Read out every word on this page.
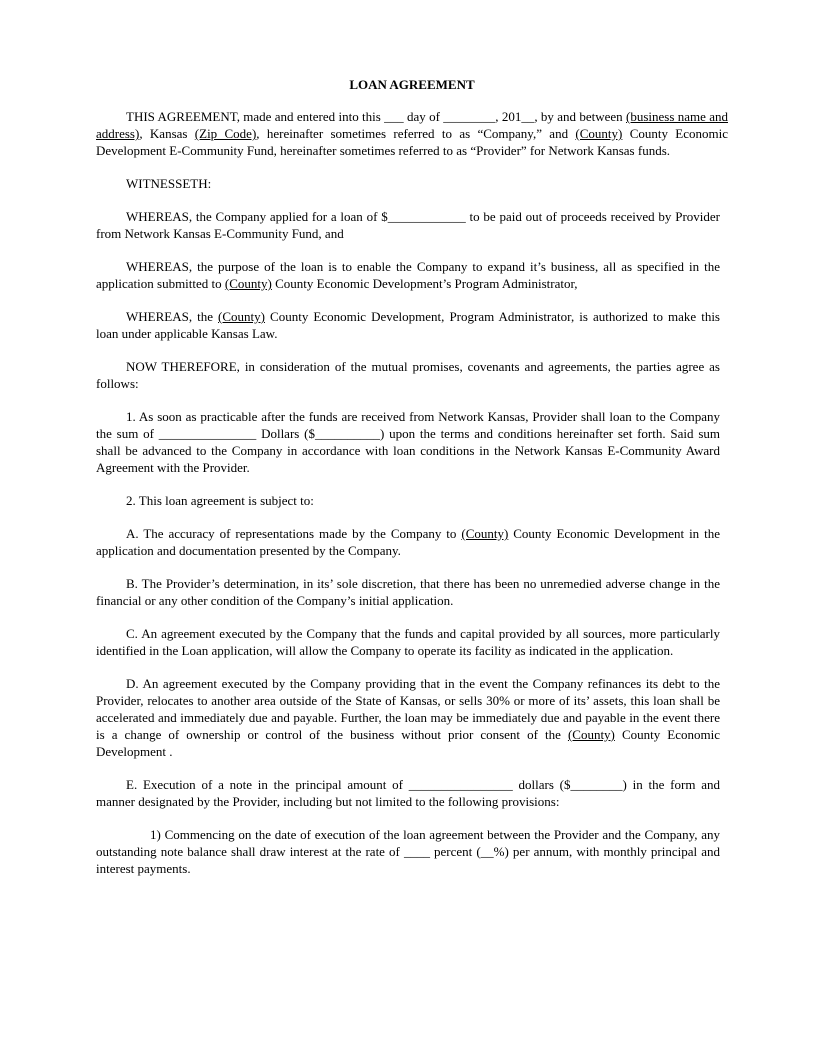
LOAN AGREEMENT

THIS AGREEMENT, made and entered into this ___ day of ________, 201__, by and between (business name and address), Kansas (Zip Code), hereinafter sometimes referred to as “Company,” and (County) County Economic Development E-Community Fund, hereinafter sometimes referred to as “Provider” for Network Kansas funds.

WITNESSETH:

WHEREAS, the Company applied for a loan of $____________ to be paid out of proceeds received by Provider from Network Kansas E-Community Fund, and

WHEREAS, the purpose of the loan is to enable the Company to expand it’s business, all as specified in the application submitted to (County) County Economic Development’s Program Administrator,

WHEREAS, the (County) County Economic Development, Program Administrator, is authorized to make this loan under applicable Kansas Law.

NOW THEREFORE, in consideration of the mutual promises, covenants and agreements, the parties agree as follows:

1. As soon as practicable after the funds are received from Network Kansas, Provider shall loan to the Company the sum of _______________ Dollars ($__________) upon the terms and conditions hereinafter set forth. Said sum shall be advanced to the Company in accordance with loan conditions in the Network Kansas E-Community Award Agreement with the Provider.

2. This loan agreement is subject to:

A. The accuracy of representations made by the Company to (County) County Economic Development in the application and documentation presented by the Company.

B. The Provider’s determination, in its’ sole discretion, that there has been no unremedied adverse change in the financial or any other condition of the Company’s initial application.

C. An agreement executed by the Company that the funds and capital provided by all sources, more particularly identified in the Loan application, will allow the Company to operate its facility as indicated in the application.

D. An agreement executed by the Company providing that in the event the Company refinances its debt to the Provider, relocates to another area outside of the State of Kansas, or sells 30% or more of its’ assets, this loan shall be accelerated and immediately due and payable. Further, the loan may be immediately due and payable in the event there is a change of ownership or control of the business without prior consent of the (County) County Economic Development .

E. Execution of a note in the principal amount of ________________ dollars ($________) in the form and manner designated by the Provider, including but not limited to the following provisions:

1) Commencing on the date of execution of the loan agreement between the Provider and the Company, any outstanding note balance shall draw interest at the rate of ____ percent (__%) per annum, with monthly principal and interest payments.
